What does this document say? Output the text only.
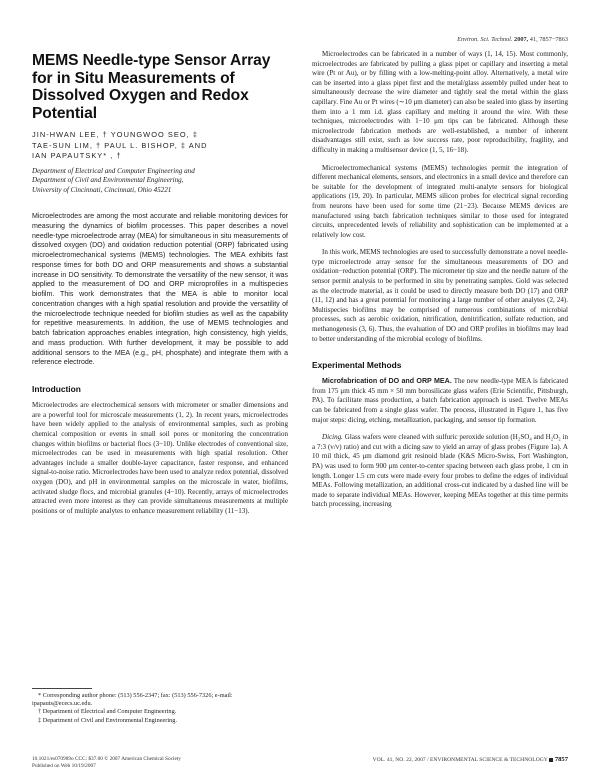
Environ. Sci. Technol. 2007, 41, 7857−7863
MEMS Needle-type Sensor Array for in Situ Measurements of Dissolved Oxygen and Redox Potential
JIN-HWAN LEE, † YOUNGWOO SEO, ‡
TAE-SUN LIM, † PAUL L. BISHOP, ‡ AND
IAN PAPAUTSKY* , †
Department of Electrical and Computer Engineering and
Department of Civil and Environmental Engineering,
University of Cincinnati, Cincinnati, Ohio 45221

Microelectrodes are among the most accurate and reliable monitoring devices for measuring the dynamics of biofilm processes. This paper describes a novel needle-type microelectrode array (MEA) for simultaneous in situ measurements of dissolved oxygen (DO) and oxidation reduction potential (ORP) fabricated using microelectromechanical systems (MEMS) technologies. The MEA exhibits fast response times for both DO and ORP measurements and shows a substantial increase in DO sensitivity. To demonstrate the versatility of the new sensor, it was applied to the measurement of DO and ORP microprofiles in a multispecies biofilm. This work demonstrates that the MEA is able to monitor local concentration changes with a high spatial resolution and provide the versatility of the microelectrode technique needed for biofilm studies as well as the capability for repetitive measurements. In addition, the use of MEMS technologies and batch fabrication approaches enables integration, high consistency, high yields, and mass production. With further development, it may be possible to add additional sensors to the MEA (e.g., pH, phosphate) and integrate them with a reference electrode.

Introduction

Microelectrodes are electrochemical sensors with micrometer or smaller dimensions and are a powerful tool for microscale measurements (1, 2). In recent years, microelectrodes have been widely applied to the analysis of environmental samples, such as probing chemical composition or events in small soil pores or monitoring the concentration changes within biofilms or bacterial flocs (3−10). Unlike electrodes of conventional size, microelectrodes can be used in measurements with high spatial resolution. Other advantages include a smaller double-layer capacitance, faster response, and enhanced signal-to-noise ratio. Microelectrodes have been used to analyze redox potential, dissolved oxygen (DO), and pH in environmental samples on the microscale in water, biofilms, activated sludge flocs, and microbial granules (4−10). Recently, arrays of microelectrodes attracted even more interest as they can provide simultaneous measurements at multiple positions or of multiple analytes to enhance measurement reliability (11−13).

* Corresponding author phone: (513) 556-2347; fax: (513) 556-7326; e-mail: ipapauts@ececs.uc.edu.

† Department of Electrical and Computer Engineering.

‡ Department of Civil and Environmental Engineering.

Microelectrodes can be fabricated in a number of ways (1, 14, 15). Most commonly, microelectrodes are fabricated by pulling a glass pipet or capillary and inserting a metal wire (Pt or Au), or by filling with a low-melting-point alloy. Alternatively, a metal wire can be inserted into a glass pipet first and the metal/glass assembly pulled under heat to simultaneously decrease the wire diameter and tightly seal the metal within the glass capillary. Fine Au or Pt wires (∼10 μm diameter) can also be sealed into glass by inserting them into a 1 mm i.d. glass capillary and melting it around the wire. With these techniques, microelectrodes with 1−10 μm tips can be fabricated. Although these microelectrode fabrication methods are well-established, a number of inherent disadvantages still exist, such as low success rate, poor reproducibility, fragility, and difficulty in making a multisensor device (1, 5, 16−18).

Microelectromechanical systems (MEMS) technologies permit the integration of different mechanical elements, sensors, and electronics in a small device and therefore can be suitable for the development of integrated multi-analyte sensors for biological applications (19, 20). In particular, MEMS silicon probes for electrical signal recording from neurons have been used for some time (21−23). Because MEMS devices are manufactured using batch fabrication techniques similar to those used for integrated circuits, unprecedented levels of reliability and sophistication can be implemented at a relatively low cost.

In this work, MEMS technologies are used to successfully demonstrate a novel needle-type microelectrode array sensor for the simultaneous measurements of DO and oxidation−reduction potential (ORP). The micrometer tip size and the needle nature of the sensor permit analysis to be performed in situ by penetrating samples. Gold was selected as the electrode material, as it could be used to directly measure both DO (17) and ORP (11, 12) and has a great potential for monitoring a large number of other analytes (2, 24). Multispecies biofilms may be comprised of numerous combinations of microbial processes, such as aerobic oxidation, nitrification, denitrification, sulfate reduction, and methanogenesis (3, 6). Thus, the evaluation of DO and ORP profiles in biofilms may lead to better understanding of the microbial ecology of biofilms.

Experimental Methods

Microfabrication of DO and ORP MEA. The new needle-type MEA is fabricated from 175 μm thick 45 mm × 50 mm borosilicate glass wafers (Erie Scientific, Pittsburgh, PA). To facilitate mass production, a batch fabrication approach is used. Twelve MEAs can be fabricated from a single glass wafer. The process, illustrated in Figure 1, has five major steps: dicing, etching, metallization, packaging, and sensor tip formation.

Dicing. Glass wafers were cleaned with sulfuric peroxide solution (H₂SO₄ and H₂O₂ in a 7:3 (v/v) ratio) and cut with a dicing saw to yield an array of glass probes (Figure 1a). A 10 mil thick, 45 μm diamond grit resinoid blade (K&S Micro-Swiss, Fort Washington, PA) was used to form 900 μm center-to-center spacing between each glass probe, 1 cm in length. Longer 1.5 cm cuts were made every four probes to define the edges of individual MEAs. Following metallization, an additional cross-cut indicated by a dashed line will be made to separate individual MEAs. However, keeping MEAs together at this time permits batch processing, increasing

10.1021/es070989o CCC: $37.00 © 2007 American Chemical Society
Published on Web 10/19/2007
VOL. 41, NO. 22, 2007 / ENVIRONMENTAL SCIENCE & TECHNOLOGY 7857
